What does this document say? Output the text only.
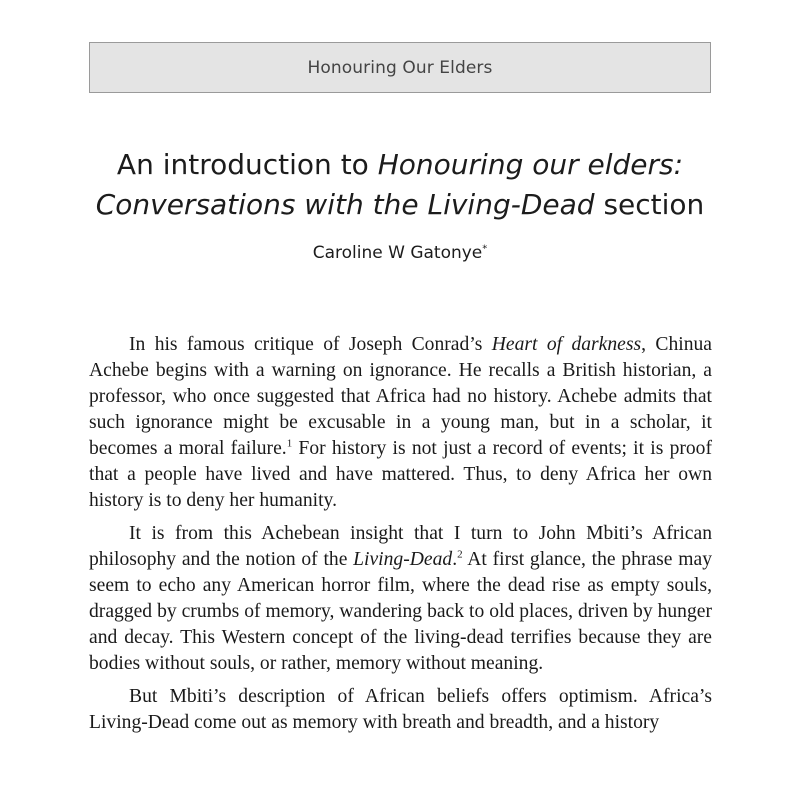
Honouring Our Elders
An introduction to Honouring our elders:
Conversations with the Living-Dead section
Caroline W Gatonye*

In his famous critique of Joseph Conrad’s Heart of darkness, Chinua Achebe begins with a warning on ignorance. He recalls a British historian, a professor, who once suggested that Africa had no history. Achebe admits that such ignorance might be excusable in a young man, but in a scholar, it becomes a moral failure.$^1$ For history is not just a record of events; it is proof that a people have lived and have mattered. Thus, to deny Africa her own history is to deny her humanity.

It is from this Achebean insight that I turn to John Mbiti’s African philosophy and the notion of the Living-Dead.$^2$ At first glance, the phrase may seem to echo any American horror film, where the dead rise as empty souls, dragged by crumbs of memory, wandering back to old places, driven by hunger and decay. This Western concept of the living-dead terrifies because they are bodies without souls, or rather, memory without meaning.

But Mbiti’s description of African beliefs offers optimism. Africa’s Living-Dead come out as memory with breath and breadth, and a history
